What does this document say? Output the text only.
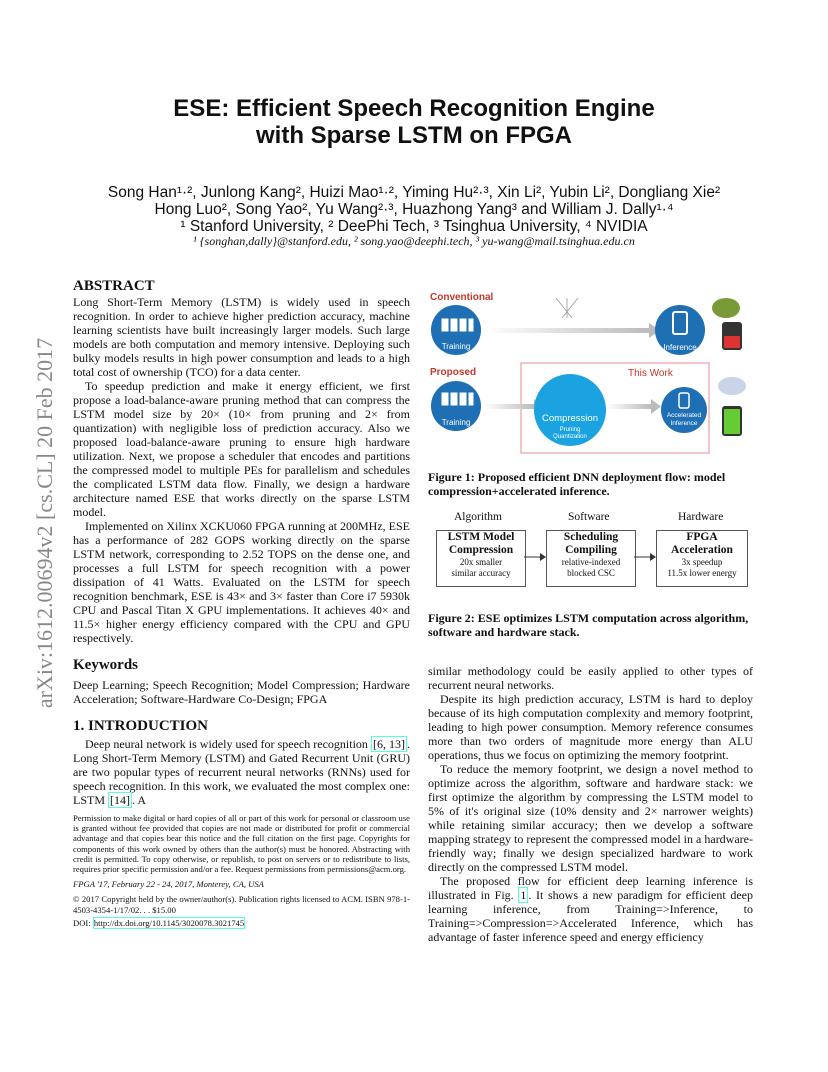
ESE: Efficient Speech Recognition Engine
with Sparse LSTM on FPGA
Song Han¹·², Junlong Kang², Huizi Mao¹·², Yiming Hu²·³, Xin Li², Yubin Li², Dongliang Xie²
Hong Luo², Song Yao², Yu Wang²·³, Huazhong Yang³ and William J. Dally¹·⁴
¹ Stanford University, ² DeePhi Tech, ³ Tsinghua University, ⁴ NVIDIA
¹ {songhan,dally}@stanford.edu, ² song.yao@deephi.tech, ³ yu-wang@mail.tsinghua.edu.cn
arXiv:1612.00694v2 [cs.CL] 20 Feb 2017
ABSTRACT

Long Short-Term Memory (LSTM) is widely used in speech recognition. In order to achieve higher prediction accuracy, machine learning scientists have built increasingly larger models. Such large models are both computation and memory intensive. Deploying such bulky models results in high power consumption and leads to a high total cost of ownership (TCO) for a data center.

To speedup prediction and make it energy efficient, we first propose a load-balance-aware pruning method that can compress the LSTM model size by 20× (10× from pruning and 2× from quantization) with negligible loss of prediction accuracy. Also we proposed load-balance-aware pruning to ensure high hardware utilization. Next, we propose a scheduler that encodes and partitions the compressed model to multiple PEs for parallelism and schedules the complicated LSTM data flow. Finally, we design a hardware architecture named ESE that works directly on the sparse LSTM model.

Implemented on Xilinx XCKU060 FPGA running at 200MHz, ESE has a performance of 282 GOPS working directly on the sparse LSTM network, corresponding to 2.52 TOPS on the dense one, and processes a full LSTM for speech recognition with a power dissipation of 41 Watts. Evaluated on the LSTM for speech recognition benchmark, ESE is 43× and 3× faster than Core i7 5930k CPU and Pascal Titan X GPU implementations. It achieves 40× and 11.5× higher energy efficiency compared with the CPU and GPU respectively.

Keywords

Deep Learning; Speech Recognition; Model Compression; Hardware Acceleration; Software-Hardware Co-Design; FPGA

1. INTRODUCTION

Deep neural network is widely used for speech recognition [6, 13] . Long Short-Term Memory (LSTM) and Gated Recurrent Unit (GRU) are two popular types of recurrent neural networks (RNNs) used for speech recognition. In this work, we evaluated the most complex one: LSTM [14] . A

Permission to make digital or hard copies of all or part of this work for personal or classroom use is granted without fee provided that copies are not made or distributed for profit or commercial advantage and that copies bear this notice and the full citation on the first page. Copyrights for components of this work owned by others than the author(s) must be honored. Abstracting with credit is permitted. To copy otherwise, or republish, to post on servers or to redistribute to lists, requires prior specific permission and/or a fee. Request permissions from permissions@acm.org.

FPGA '17, February 22 - 24, 2017, Monterey, CA, USA

© 2017 Copyright held by the owner/author(s). Publication rights licensed to ACM. ISBN 978-1-4503-4354-1/17/02. . . $15.00

DOI: http://dx.doi.org/10.1145/3020078.3021745

Conventional
Training	Inference
Proposed	This Work
Training	Compression
Pruning
Quantization
Accelerated
Inference
Figure 1: Proposed efficient DNN deployment flow: model compression+accelerated inference.
Algorithm	Software	Hardware
LSTM Model
Compression
20x smaller
similar accuracy
Scheduling
Compiling
relative-indexed
blocked CSC
FPGA
Acceleration
3x speedup
11.5x lower energy
Figure 2: ESE optimizes LSTM computation across algorithm, software and hardware stack.

similar methodology could be easily applied to other types of recurrent neural networks.

Despite its high prediction accuracy, LSTM is hard to deploy because of its high computation complexity and memory footprint, leading to high power consumption. Memory reference consumes more than two orders of magnitude more energy than ALU operations, thus we focus on optimizing the memory footprint.

To reduce the memory footprint, we design a novel method to optimize across the algorithm, software and hardware stack: we first optimize the algorithm by compressing the LSTM model to 5% of it's original size (10% density and 2× narrower weights) while retaining similar accuracy; then we develop a software mapping strategy to represent the compressed model in a hardware-friendly way; finally we design specialized hardware to work directly on the compressed LSTM model.

The proposed flow for efficient deep learning inference is illustrated in Fig. 1 . It shows a new paradigm for efficient deep learning inference, from Training=>Inference, to Training=>Compression=>Accelerated Inference, which has advantage of faster inference speed and energy efficiency
